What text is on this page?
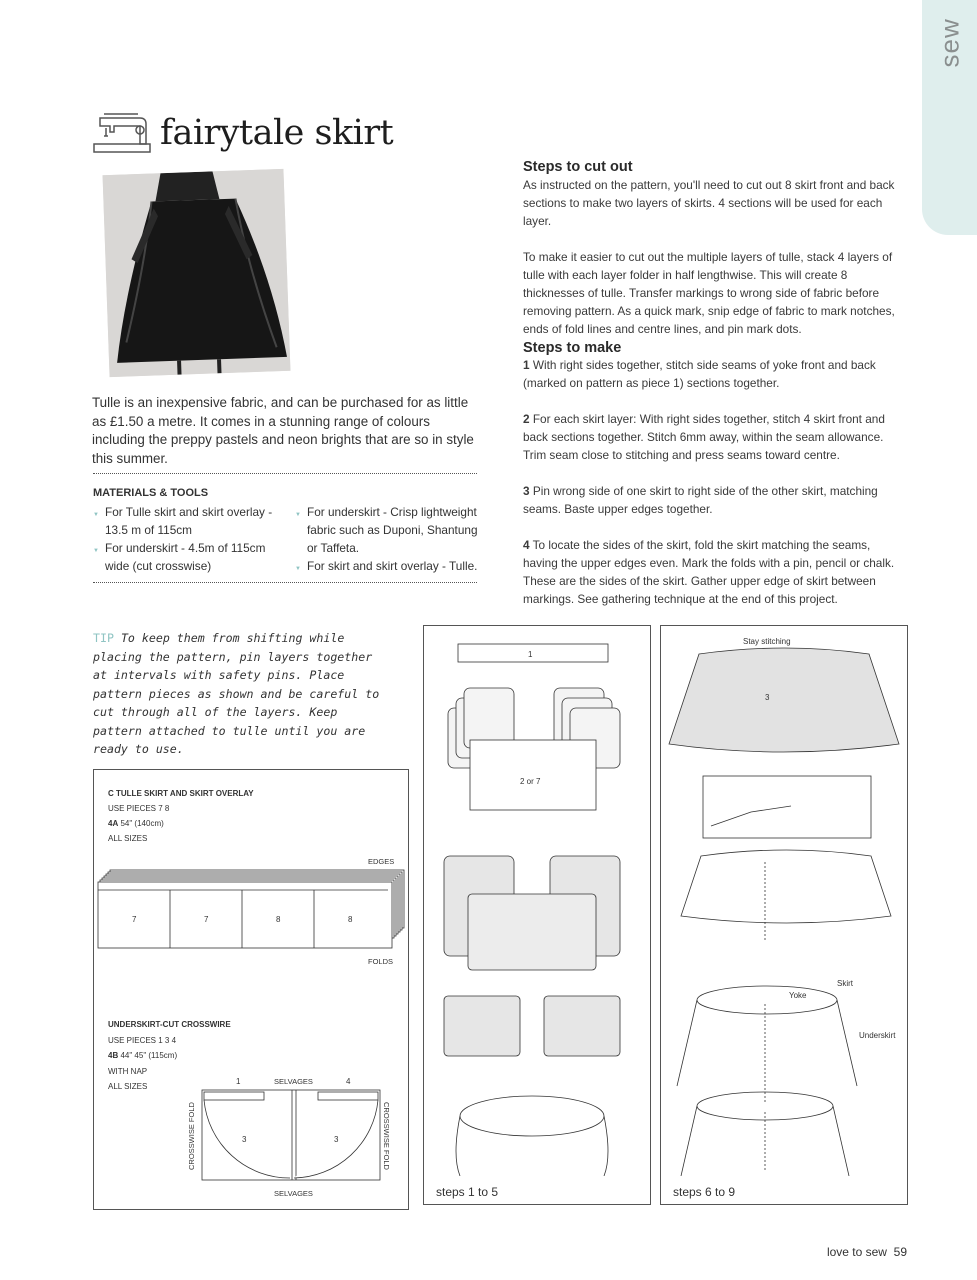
sew
fairytale skirt
Tulle is an inexpensive fabric, and can be purchased for as little as £1.50 a metre. It comes in a stunning range of colours including the preppy pastels and neon brights that are so in style this summer.
MATERIALS & TOOLS
▼ For Tulle skirt and skirt overlay - 13.5 m of 115cm
▼ For underskirt - 4.5m of 115cm wide (cut crosswise)
▼ For underskirt - Crisp lightweight fabric such as Duponi, Shantung or Taffeta.
▼ For skirt and skirt overlay - Tulle.
Steps to cut out
As instructed on the pattern, you'll need to cut out 8 skirt front and back sections to make two layers of skirts. 4 sections will be used for each layer.
To make it easier to cut out the multiple layers of tulle, stack 4 layers of tulle with each layer folder in half lengthwise. This will create 8 thicknesses of tulle. Transfer markings to wrong side of fabric before removing pattern. As a quick mark, snip edge of fabric to mark notches, ends of fold lines and centre lines, and pin mark dots.
Steps to make
1 With right sides together, stitch side seams of yoke front and back (marked on pattern as piece 1) sections together.
2 For each skirt layer: With right sides together, stitch 4 skirt front and back sections together. Stitch 6mm away, within the seam allowance. Trim seam close to stitching and press seams toward centre.
3 Pin wrong side of one skirt to right side of the other skirt, matching seams. Baste upper edges together.
4 To locate the sides of the skirt, fold the skirt matching the seams, having the upper edges even. Mark the folds with a pin, pencil or chalk. These are the sides of the skirt. Gather upper edge of skirt between markings. See gathering technique at the end of this project.
TIP To keep them from shifting while placing the pattern, pin layers together at intervals with safety pins. Place pattern pieces as shown and be careful to cut through all of the layers. Keep pattern attached to tulle until you are ready to use.
C TULLE SKIRT AND SKIRT OVERLAY
USE PIECES 7 8
4A 54" (140cm)
ALL SIZES
7	7	8	8
EDGES
FOLDS
UNDERSKIRT-CUT CROSSWIRE
USE PIECES 1 3 4
4B 44" 45" (115cm)
WITH NAP
ALL SIZES
1	SELVAGES	4
3	3
SELVAGES
CROSSWISE FOLD	CROSSWISE FOLD
1
2 or 7
steps 1 to 5
Stay stitching
3
Skirt
Yoke
Underskirt
steps 6 to 9
love to sew 59
